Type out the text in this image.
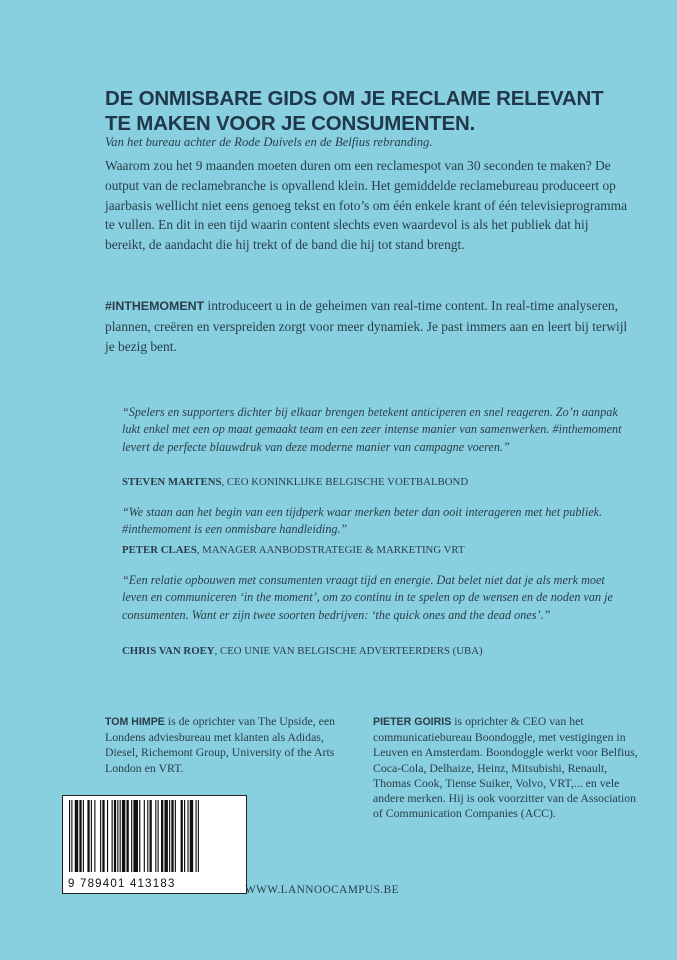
DE ONMISBARE GIDS OM JE RECLAME RELEVANT
TE MAKEN VOOR JE CONSUMENTEN.

Van het bureau achter de Rode Duivels en de Belfius rebranding.

Waarom zou het 9 maanden moeten duren om een reclamespot van 30 seconden te maken? De output van de reclamebranche is opvallend klein. Het gemiddelde reclamebureau produceert op jaarbasis wellicht niet eens genoeg tekst en foto’s om één enkele krant of één televisieprogramma te vullen. En dit in een tijd waarin content slechts even waardevol is als het publiek dat hij bereikt, de aandacht die hij trekt of de band die hij tot stand brengt.

#INTHEMOMENT introduceert u in de geheimen van real-time content. In real-time analyseren, plannen, creëren en verspreiden zorgt voor meer dynamiek. Je past immers aan en leert bij terwijl je bezig bent.

“Spelers en supporters dichter bij elkaar brengen betekent anticiperen en snel reageren. Zo’n aanpak lukt enkel met een op maat gemaakt team en een zeer intense manier van samenwerken. #inthemoment levert de perfecte blauwdruk van deze moderne manier van campagne voeren.”

STEVEN MARTENS, CEO KONINKLIJKE BELGISCHE VOETBALBOND

“We staan aan het begin van een tijdperk waar merken beter dan ooit interageren met het publiek. #inthemoment is een onmisbare handleiding.”

PETER CLAES, MANAGER AANBODSTRATEGIE & MARKETING VRT

“Een relatie opbouwen met consumenten vraagt tijd en energie. Dat belet niet dat je als merk moet leven en communiceren ‘in the moment’, om zo continu in te spelen op de wensen en de noden van je consumenten. Want er zijn twee soorten bedrijven: ‘the quick ones and the dead ones’.”

CHRIS VAN ROEY, CEO UNIE VAN BELGISCHE ADVERTEERDERS (UBA)

TOM HIMPE is de oprichter van The Upside, een Londens adviesbureau met klanten als Adidas, Diesel, Richemont Group, University of the Arts London en VRT.

PIETER GOIRIS is oprichter & CEO van het communicatiebureau Boondoggle, met vestigingen in Leuven en Amsterdam. Boondoggle werkt voor Belfius, Coca-Cola, Delhaize, Heinz, Mitsubishi, Renault, Thomas Cook, Tiense Suiker, Volvo, VRT,... en vele andere merken. Hij is ook voorzitter van de Association of Communication Companies (ACC).

9 789401 413183	WWW.LANNOOCAMPUS.BE
